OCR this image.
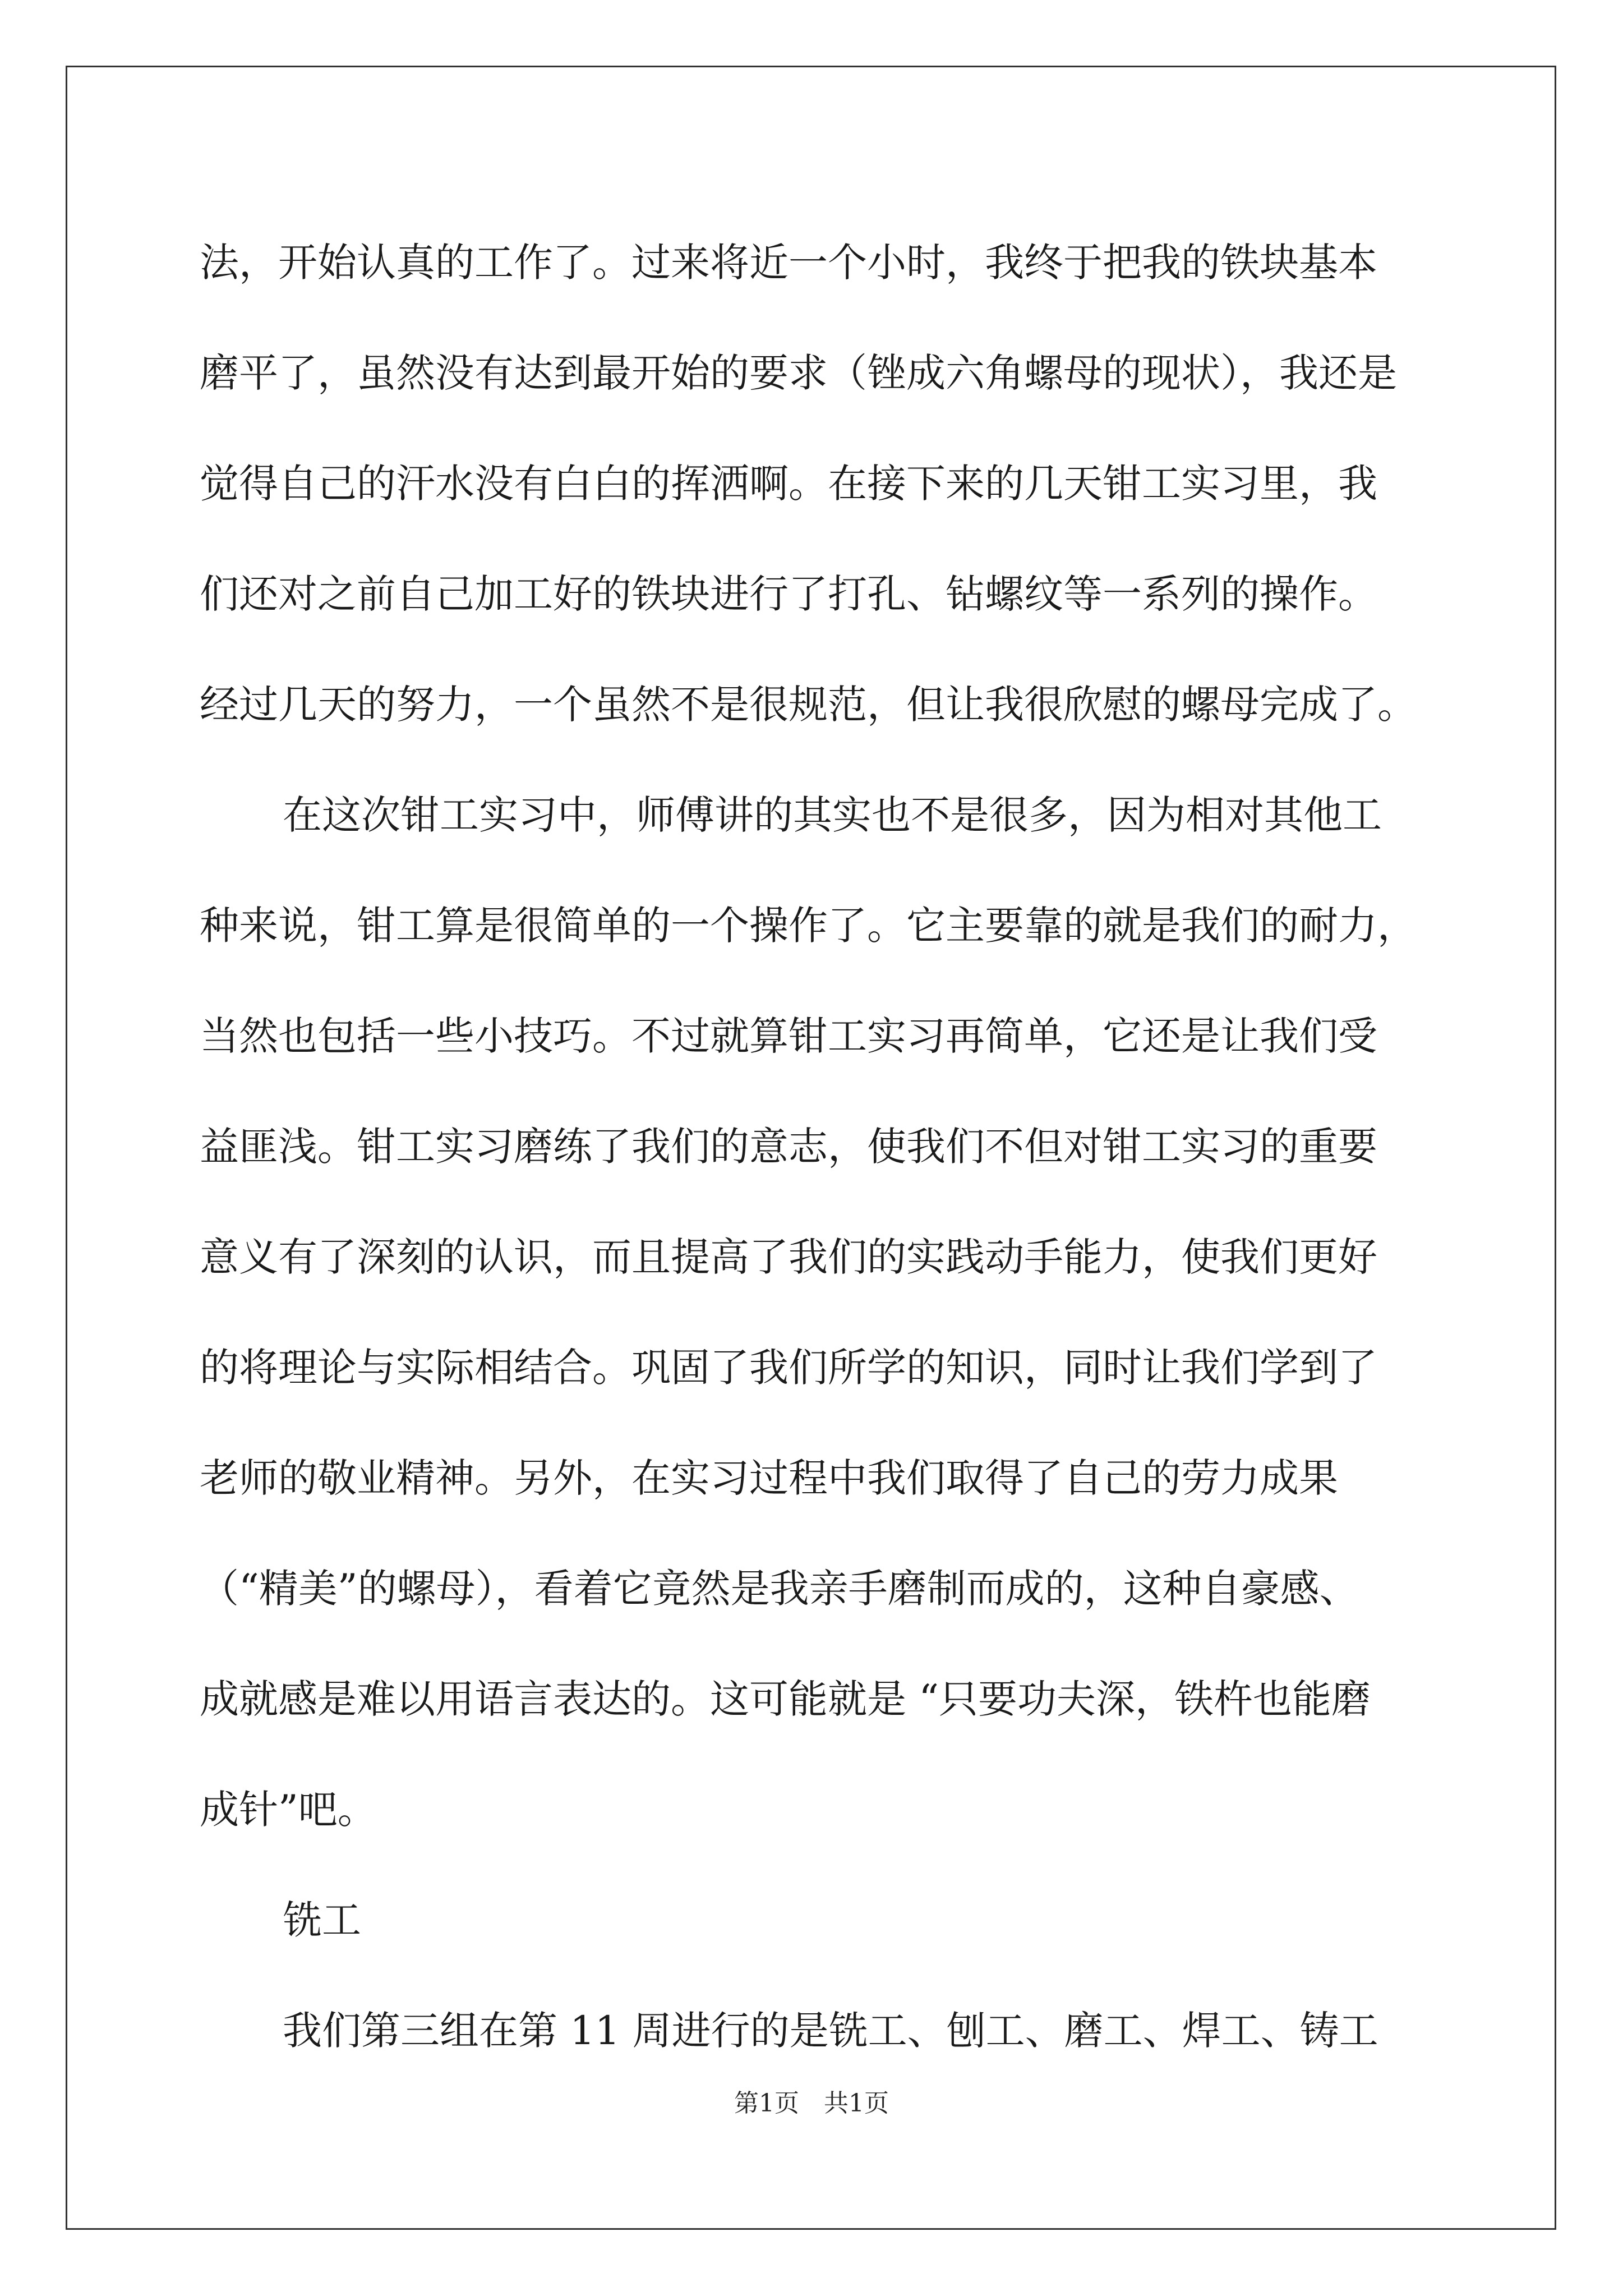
法，开始认真的工作了。过来将近一个小时，我终于把我的铁块基本
磨平了，虽然没有达到最开始的要求（锉成六角螺母的现状），我还是
觉得自己的汗水没有白白的挥洒啊。在接下来的几天钳工实习里，我
们还对之前自己加工好的铁块进行了打孔、钻螺纹等一系列的操作。
经过几天的努力，一个虽然不是很规范，但让我很欣慰的螺母完成了。
在这次钳工实习中，师傅讲的其实也不是很多，因为相对其他工
种来说，钳工算是很简单的一个操作了。它主要靠的就是我们的耐力，
当然也包括一些小技巧。不过就算钳工实习再简单，它还是让我们受
益匪浅。钳工实习磨练了我们的意志，使我们不但对钳工实习的重要
意义有了深刻的认识，而且提高了我们的实践动手能力，使我们更好
的将理论与实际相结合。巩固了我们所学的知识，同时让我们学到了
老师的敬业精神。另外，在实习过程中我们取得了自己的劳力成果
（“精美”的螺母），看着它竟然是我亲手磨制而成的，这种自豪感、
成就感是难以用语言表达的。这可能就是 “只要功夫深，铁杵也能磨
成针”吧。
铣工
我们第三组在第 11 周进行的是铣工、刨工、磨工、焊工、铸工
第1页　共1页
